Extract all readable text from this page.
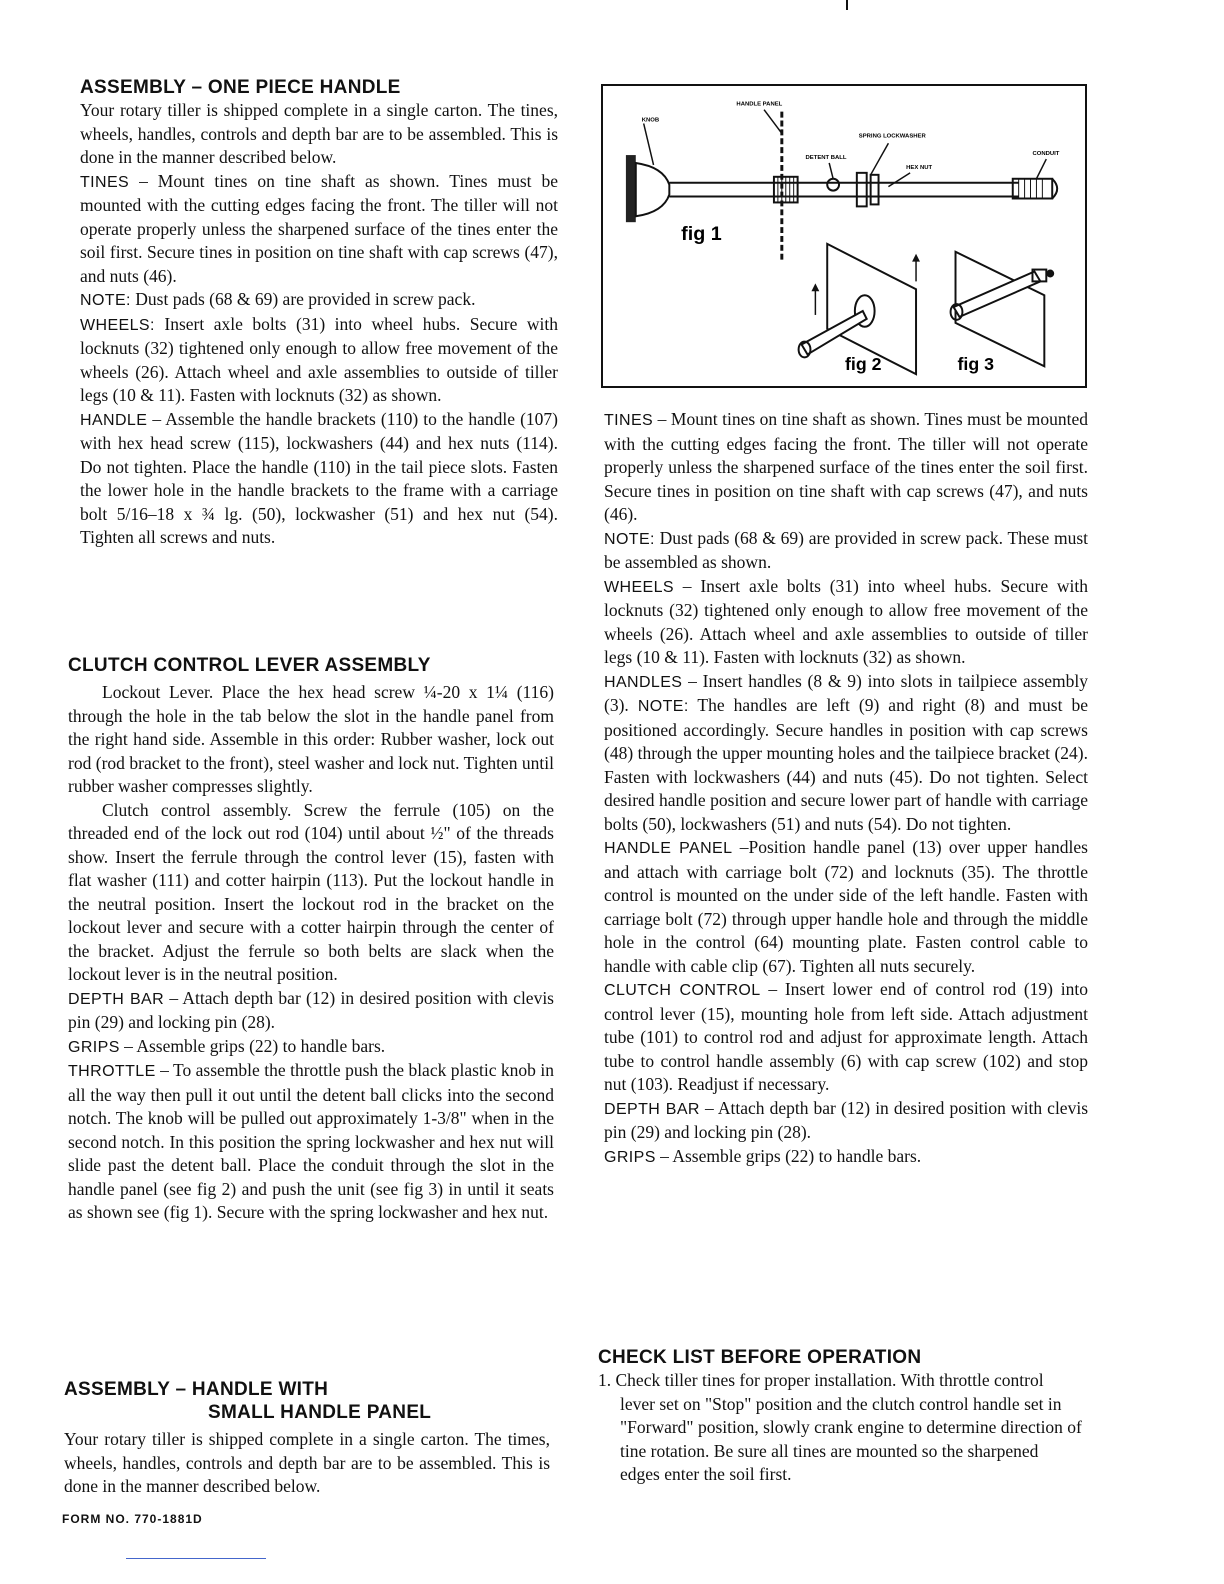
ASSEMBLY – ONE PIECE HANDLE

Your rotary tiller is shipped complete in a single carton. The tines, wheels, handles, controls and depth bar are to be assembled. This is done in the manner described below.

TINES – Mount tines on tine shaft as shown. Tines must be mounted with the cutting edges facing the front. The tiller will not operate properly unless the sharpened surface of the tines enter the soil first. Secure tines in position on tine shaft with cap screws (47), and nuts (46).

NOTE: Dust pads (68 & 69) are provided in screw pack.

WHEELS: Insert axle bolts (31) into wheel hubs. Secure with locknuts (32) tightened only enough to allow free movement of the wheels (26). Attach wheel and axle assemblies to outside of tiller legs (10 & 11). Fasten with locknuts (32) as shown.

HANDLE – Assemble the handle brackets (110) to the handle (107) with hex head screw (115), lockwashers (44) and hex nuts (114). Do not tighten. Place the handle (110) in the tail piece slots. Fasten the lower hole in the handle brackets to the frame with a carriage bolt 5/16–18 x ¾ lg. (50), lockwasher (51) and hex nut (54). Tighten all screws and nuts.

CLUTCH CONTROL LEVER ASSEMBLY

Lockout Lever. Place the hex head screw ¼-20 x 1¼ (116) through the hole in the tab below the slot in the handle panel from the right hand side. Assemble in this order: Rubber washer, lock out rod (rod bracket to the front), steel washer and lock nut. Tighten until rubber washer compresses slightly.

Clutch control assembly. Screw the ferrule (105) on the threaded end of the lock out rod (104) until about ½" of the threads show. Insert the ferrule through the control lever (15), fasten with flat washer (111) and cotter hairpin (113). Put the lockout handle in the neutral position. Insert the lockout rod in the bracket on the lockout lever and secure with a cotter hairpin through the center of the bracket. Adjust the ferrule so both belts are slack when the lockout lever is in the neutral position.

DEPTH BAR – Attach depth bar (12) in desired position with clevis pin (29) and locking pin (28).

GRIPS – Assemble grips (22) to handle bars.

THROTTLE – To assemble the throttle push the black plastic knob in all the way then pull it out until the detent ball clicks into the second notch. The knob will be pulled out approximately 1-3/8" when in the second notch. In this position the spring lockwasher and hex nut will slide past the detent ball. Place the conduit through the slot in the handle panel (see fig 2) and push the unit (see fig 3) in until it seats as shown see (fig 1). Secure with the spring lockwasher and hex nut.

ASSEMBLY – HANDLE WITH
SMALL HANDLE PANEL

Your rotary tiller is shipped complete in a single carton. The times, wheels, handles, controls and depth bar are to be assembled. This is done in the manner described below.

FORM NO. 770-1881D
HANDLE PANEL
KNOB
SPRING LOCKWASHER
DETENT BALL
HEX NUT
CONDUIT
fig 1
fig 2	fig 3

TINES – Mount tines on tine shaft as shown. Tines must be mounted with the cutting edges facing the front. The tiller will not operate properly unless the sharpened surface of the tines enter the soil first. Secure tines in position on tine shaft with cap screws (47), and nuts (46).

NOTE: Dust pads (68 & 69) are provided in screw pack. These must be assembled as shown.

WHEELS – Insert axle bolts (31) into wheel hubs. Secure with locknuts (32) tightened only enough to allow free movement of the wheels (26). Attach wheel and axle assemblies to outside of tiller legs (10 & 11). Fasten with locknuts (32) as shown.

HANDLES – Insert handles (8 & 9) into slots in tailpiece assembly (3). NOTE: The handles are left (9) and right (8) and must be positioned accordingly. Secure handles in position with cap screws (48) through the upper mounting holes and the tailpiece bracket (24). Fasten with lockwashers (44) and nuts (45). Do not tighten. Select desired handle position and secure lower part of handle with carriage bolts (50), lockwashers (51) and nuts (54). Do not tighten.

HANDLE PANEL –Position handle panel (13) over upper handles and attach with carriage bolt (72) and locknuts (35). The throttle control is mounted on the under side of the left handle. Fasten with carriage bolt (72) through upper handle hole and through the middle hole in the control (64) mounting plate. Fasten control cable to handle with cable clip (67). Tighten all nuts securely.

CLUTCH CONTROL – Insert lower end of control rod (19) into control lever (15), mounting hole from left side. Attach adjustment tube (101) to control rod and adjust for approximate length. Attach tube to control handle assembly (6) with cap screw (102) and stop nut (103). Readjust if necessary.

DEPTH BAR – Attach depth bar (12) in desired position with clevis pin (29) and locking pin (28).

GRIPS – Assemble grips (22) to handle bars.

CHECK LIST BEFORE OPERATION

1. Check tiller tines for proper installation. With throttle control lever set on "Stop" position and the clutch control handle set in "Forward" position, slowly crank engine to determine direction of tine rotation. Be sure all tines are mounted so the sharpened edges enter the soil first.
